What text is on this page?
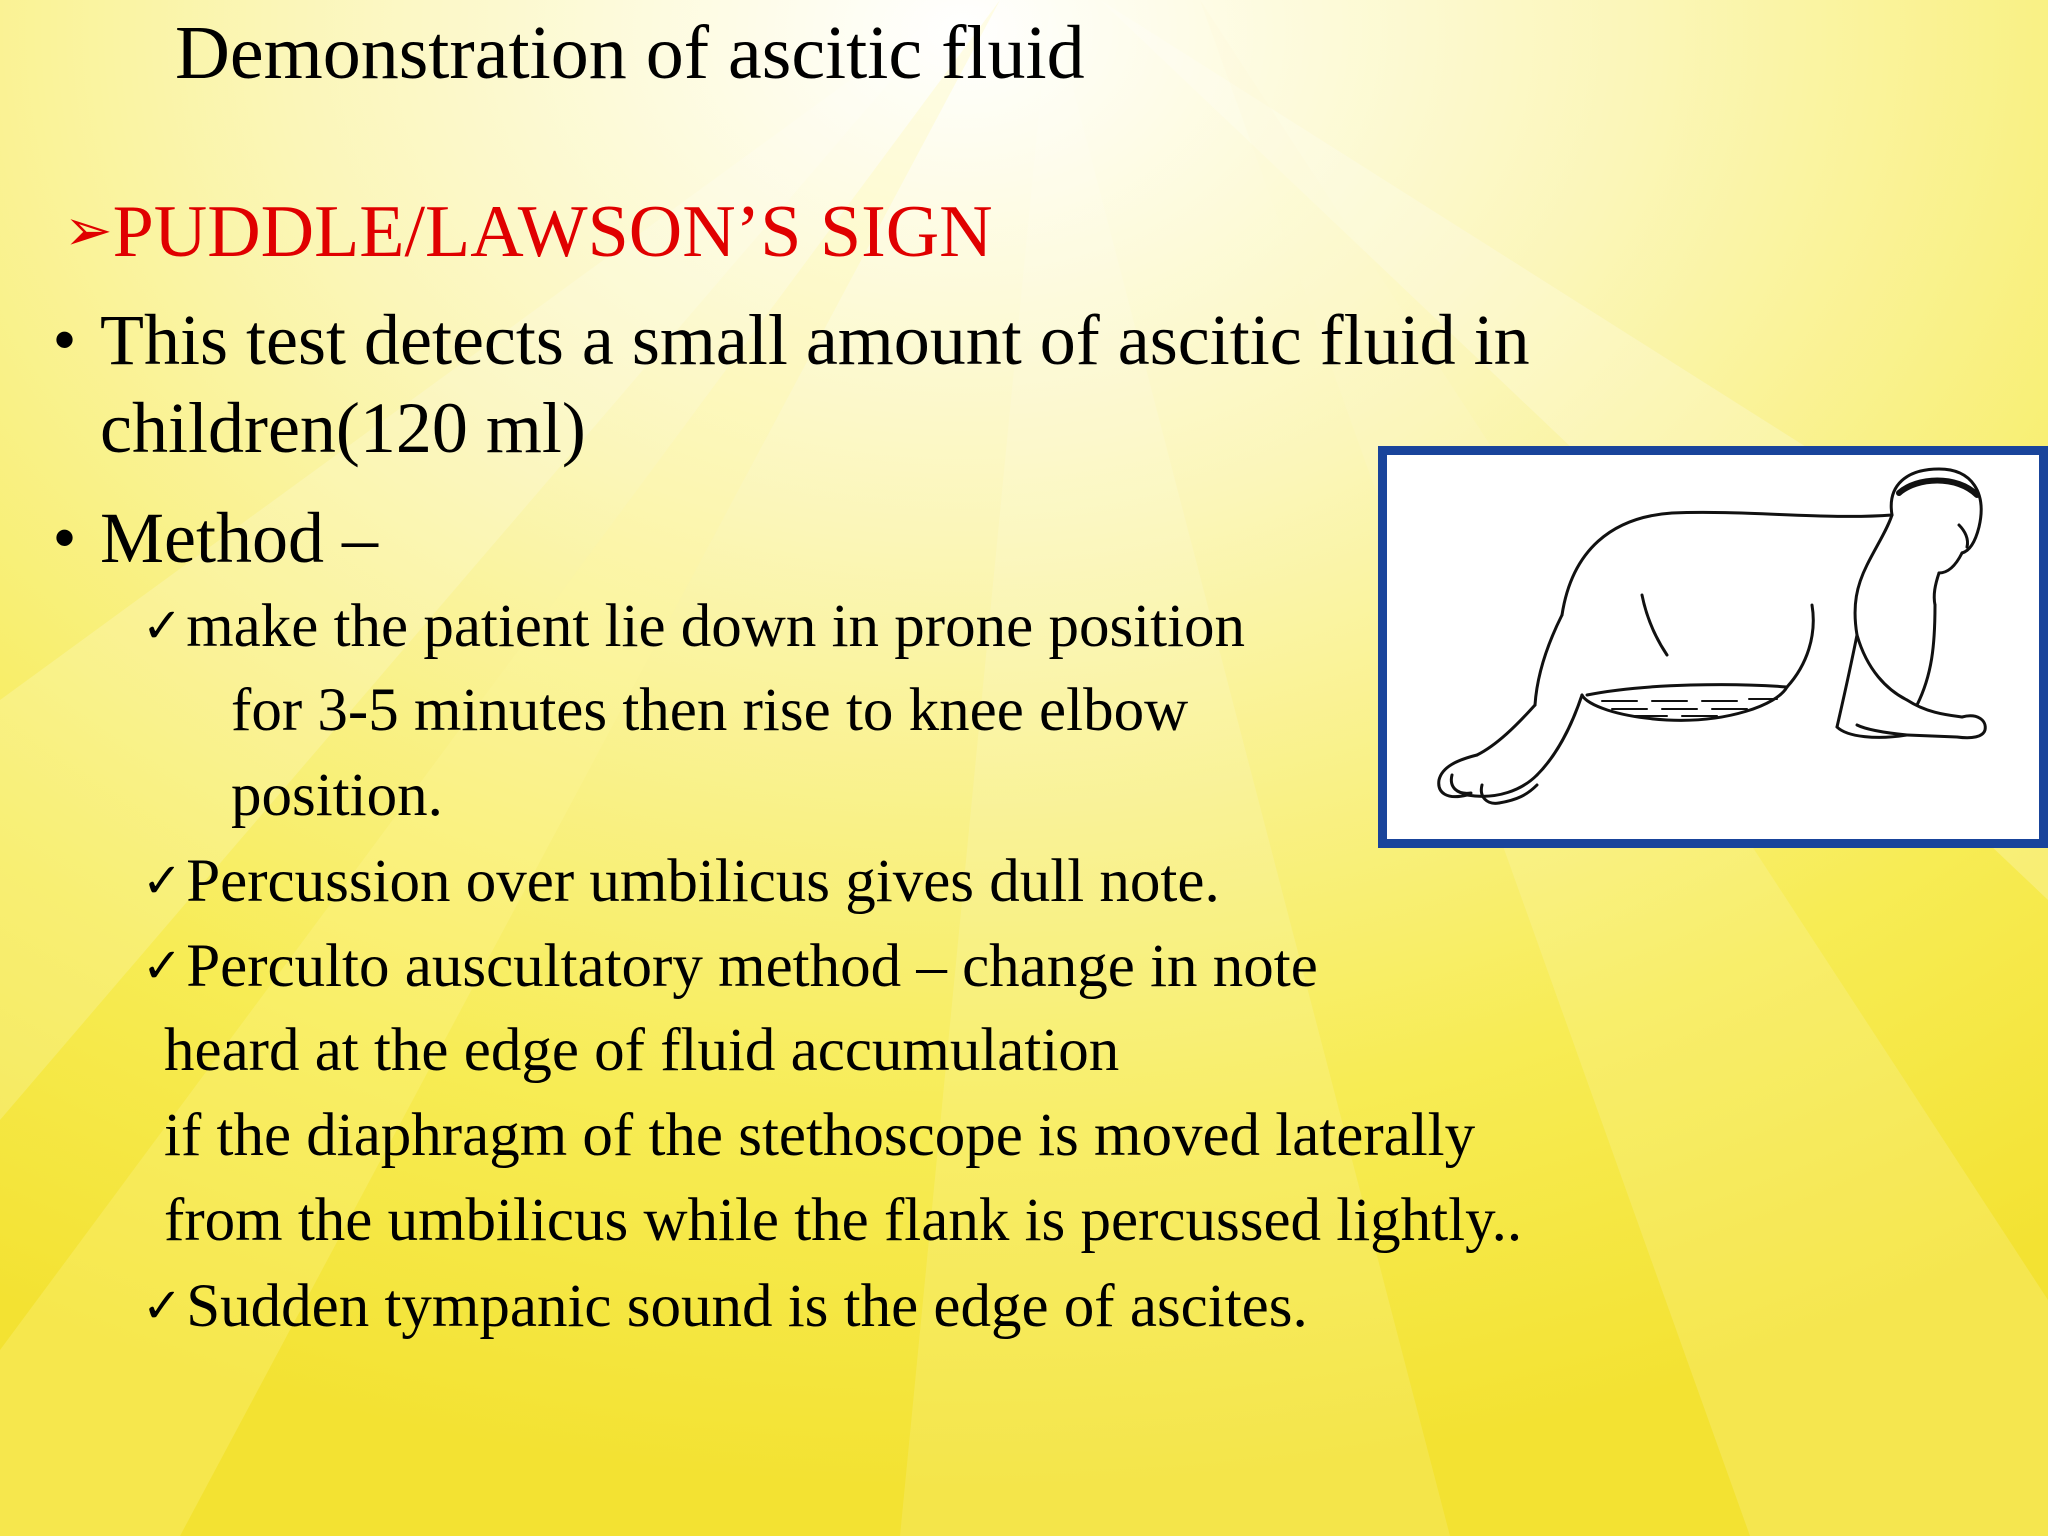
Demonstration of ascitic fluid
➢PUDDLE/LAWSON’S SIGN
• This test detects a small amount of ascitic fluid in
children(120 ml)
• Method –
✓make the patient lie down in prone position
for 3-5 minutes then rise to knee elbow
position.
✓Percussion over umbilicus gives dull note.
✓Perculto auscultatory method – change in note
heard at the edge of fluid accumulation
if the diaphragm of the stethoscope is moved laterally
from the umbilicus while the flank is percussed lightly..
✓Sudden tympanic sound is the edge of ascites.
